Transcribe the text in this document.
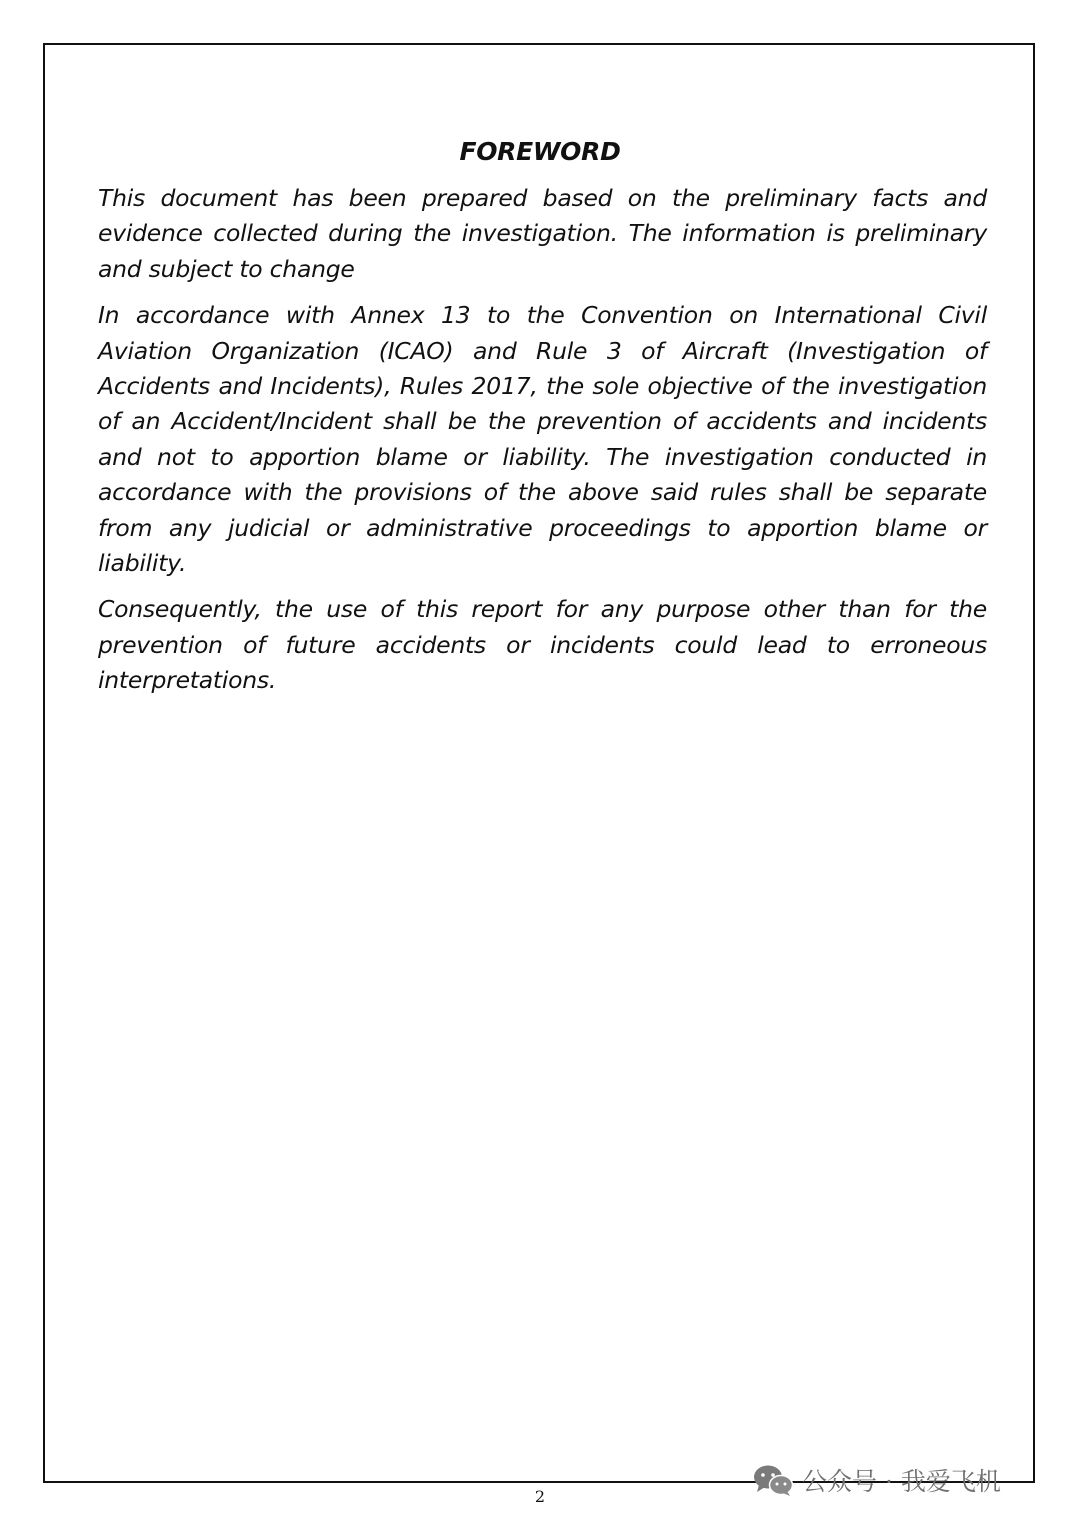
FOREWORD

This document has been prepared based on the preliminary facts and evidence collected during the investigation. The information is preliminary and subject to change

In accordance with Annex 13 to the Convention on International Civil Aviation Organization (ICAO) and Rule 3 of Aircraft (Investigation of Accidents and Incidents), Rules 2017, the sole objective of the investigation of an Accident/Incident shall be the prevention of accidents and incidents and not to apportion blame or liability. The investigation conducted in accordance with the provisions of the above said rules shall be separate from any judicial or administrative proceedings to apportion blame or liability.

Consequently, the use of this report for any purpose other than for the prevention of future accidents or incidents could lead to erroneous interpretations.

2
公众号 · 我爱飞机
